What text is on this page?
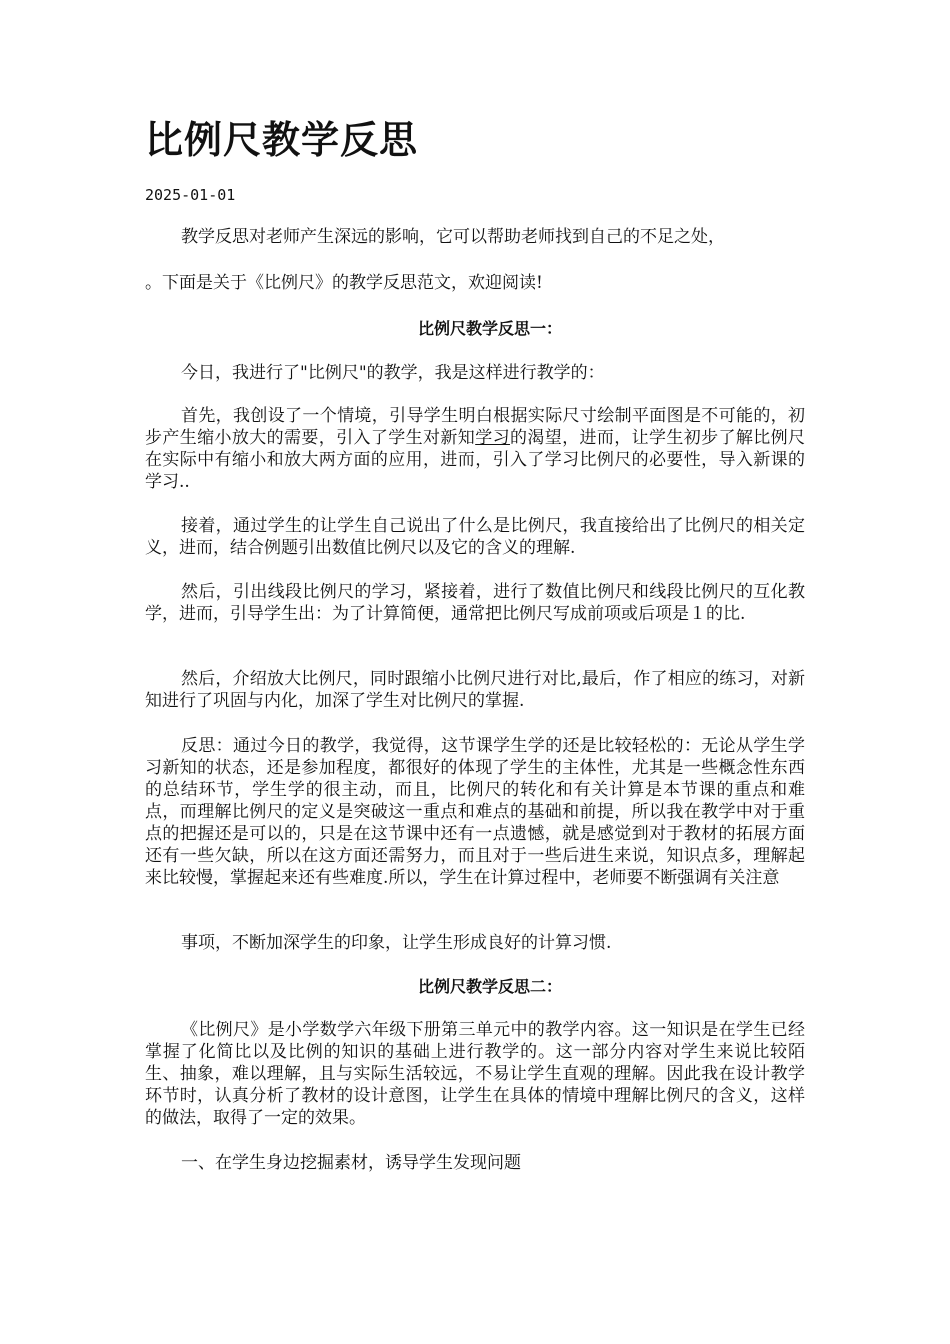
比例尺教学反思
2025-01-01
教学反思对老师产生深远的影响，它可以帮助老师找到自己的不足之处，
。下面是关于《比例尺》的教学反思范文，欢迎阅读!
比例尺教学反思一：
今日，我进行了"比例尺"的教学，我是这样进行教学的：
首先，我创设了一个情境，引导学生明白根据实际尺寸绘制平面图是不可能的，初步产生缩小放大的需要，引入了学生对新知学习的渴望，进而，让学生初步了解比例尺在实际中有缩小和放大两方面的应用，进而，引入了学习比例尺的必要性，导入新课的学习..
接着，通过学生的让学生自己说出了什么是比例尺，我直接给出了比例尺的相关定义，进而，结合例题引出数值比例尺以及它的含义的理解.
然后，引出线段比例尺的学习，紧接着，进行了数值比例尺和线段比例尺的互化教学，进而，引导学生出：为了计算简便，通常把比例尺写成前项或后项是１的比.
然后，介绍放大比例尺，同时跟缩小比例尺进行对比,最后，作了相应的练习，对新知进行了巩固与内化，加深了学生对比例尺的掌握.
反思：通过今日的教学，我觉得，这节课学生学的还是比较轻松的：无论从学生学习新知的状态，还是参加程度，都很好的体现了学生的主体性，尤其是一些概念性东西的总结环节，学生学的很主动，而且，比例尺的转化和有关计算是本节课的重点和难点，而理解比例尺的定义是突破这一重点和难点的基础和前提，所以我在教学中对于重点的把握还是可以的，只是在这节课中还有一点遗憾，就是感觉到对于教材的拓展方面还有一些欠缺，所以在这方面还需努力，而且对于一些后进生来说，知识点多，理解起来比较慢，掌握起来还有些难度.所以，学生在计算过程中，老师要不断强调有关注意
事项，不断加深学生的印象，让学生形成良好的计算习惯.
比例尺教学反思二：
《比例尺》是小学数学六年级下册第三单元中的教学内容。这一知识是在学生已经掌握了化简比以及比例的知识的基础上进行教学的。这一部分内容对学生来说比较陌生、抽象，难以理解，且与实际生活较远，不易让学生直观的理解。因此我在设计教学环节时，认真分析了教材的设计意图，让学生在具体的情境中理解比例尺的含义，这样的做法，取得了一定的效果。
一、在学生身边挖掘素材，诱导学生发现问题
